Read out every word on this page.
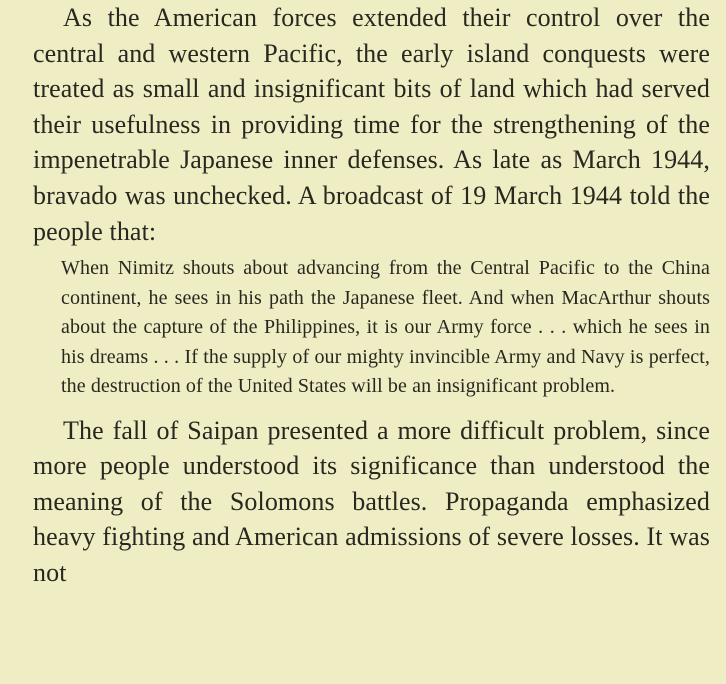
As the American forces extended their control over the central and western Pacific, the early island conquests were treated as small and insignificant bits of land which had served their usefulness in providing time for the strengthening of the impenetrable Japanese inner defenses. As late as March 1944, bravado was unchecked. A broadcast of 19 March 1944 told the people that:

When Nimitz shouts about advancing from the Central Pacific to the China continent, he sees in his path the Japanese fleet. And when MacArthur shouts about the capture of the Philippines, it is our Army force . . . which he sees in his dreams . . . If the supply of our mighty invincible Army and Navy is perfect, the destruction of the United States will be an insignificant problem.

The fall of Saipan presented a more difficult problem, since more people understood its significance than understood the meaning of the Solomons battles. Propaganda emphasized heavy fighting and American admissions of severe losses. It was not
